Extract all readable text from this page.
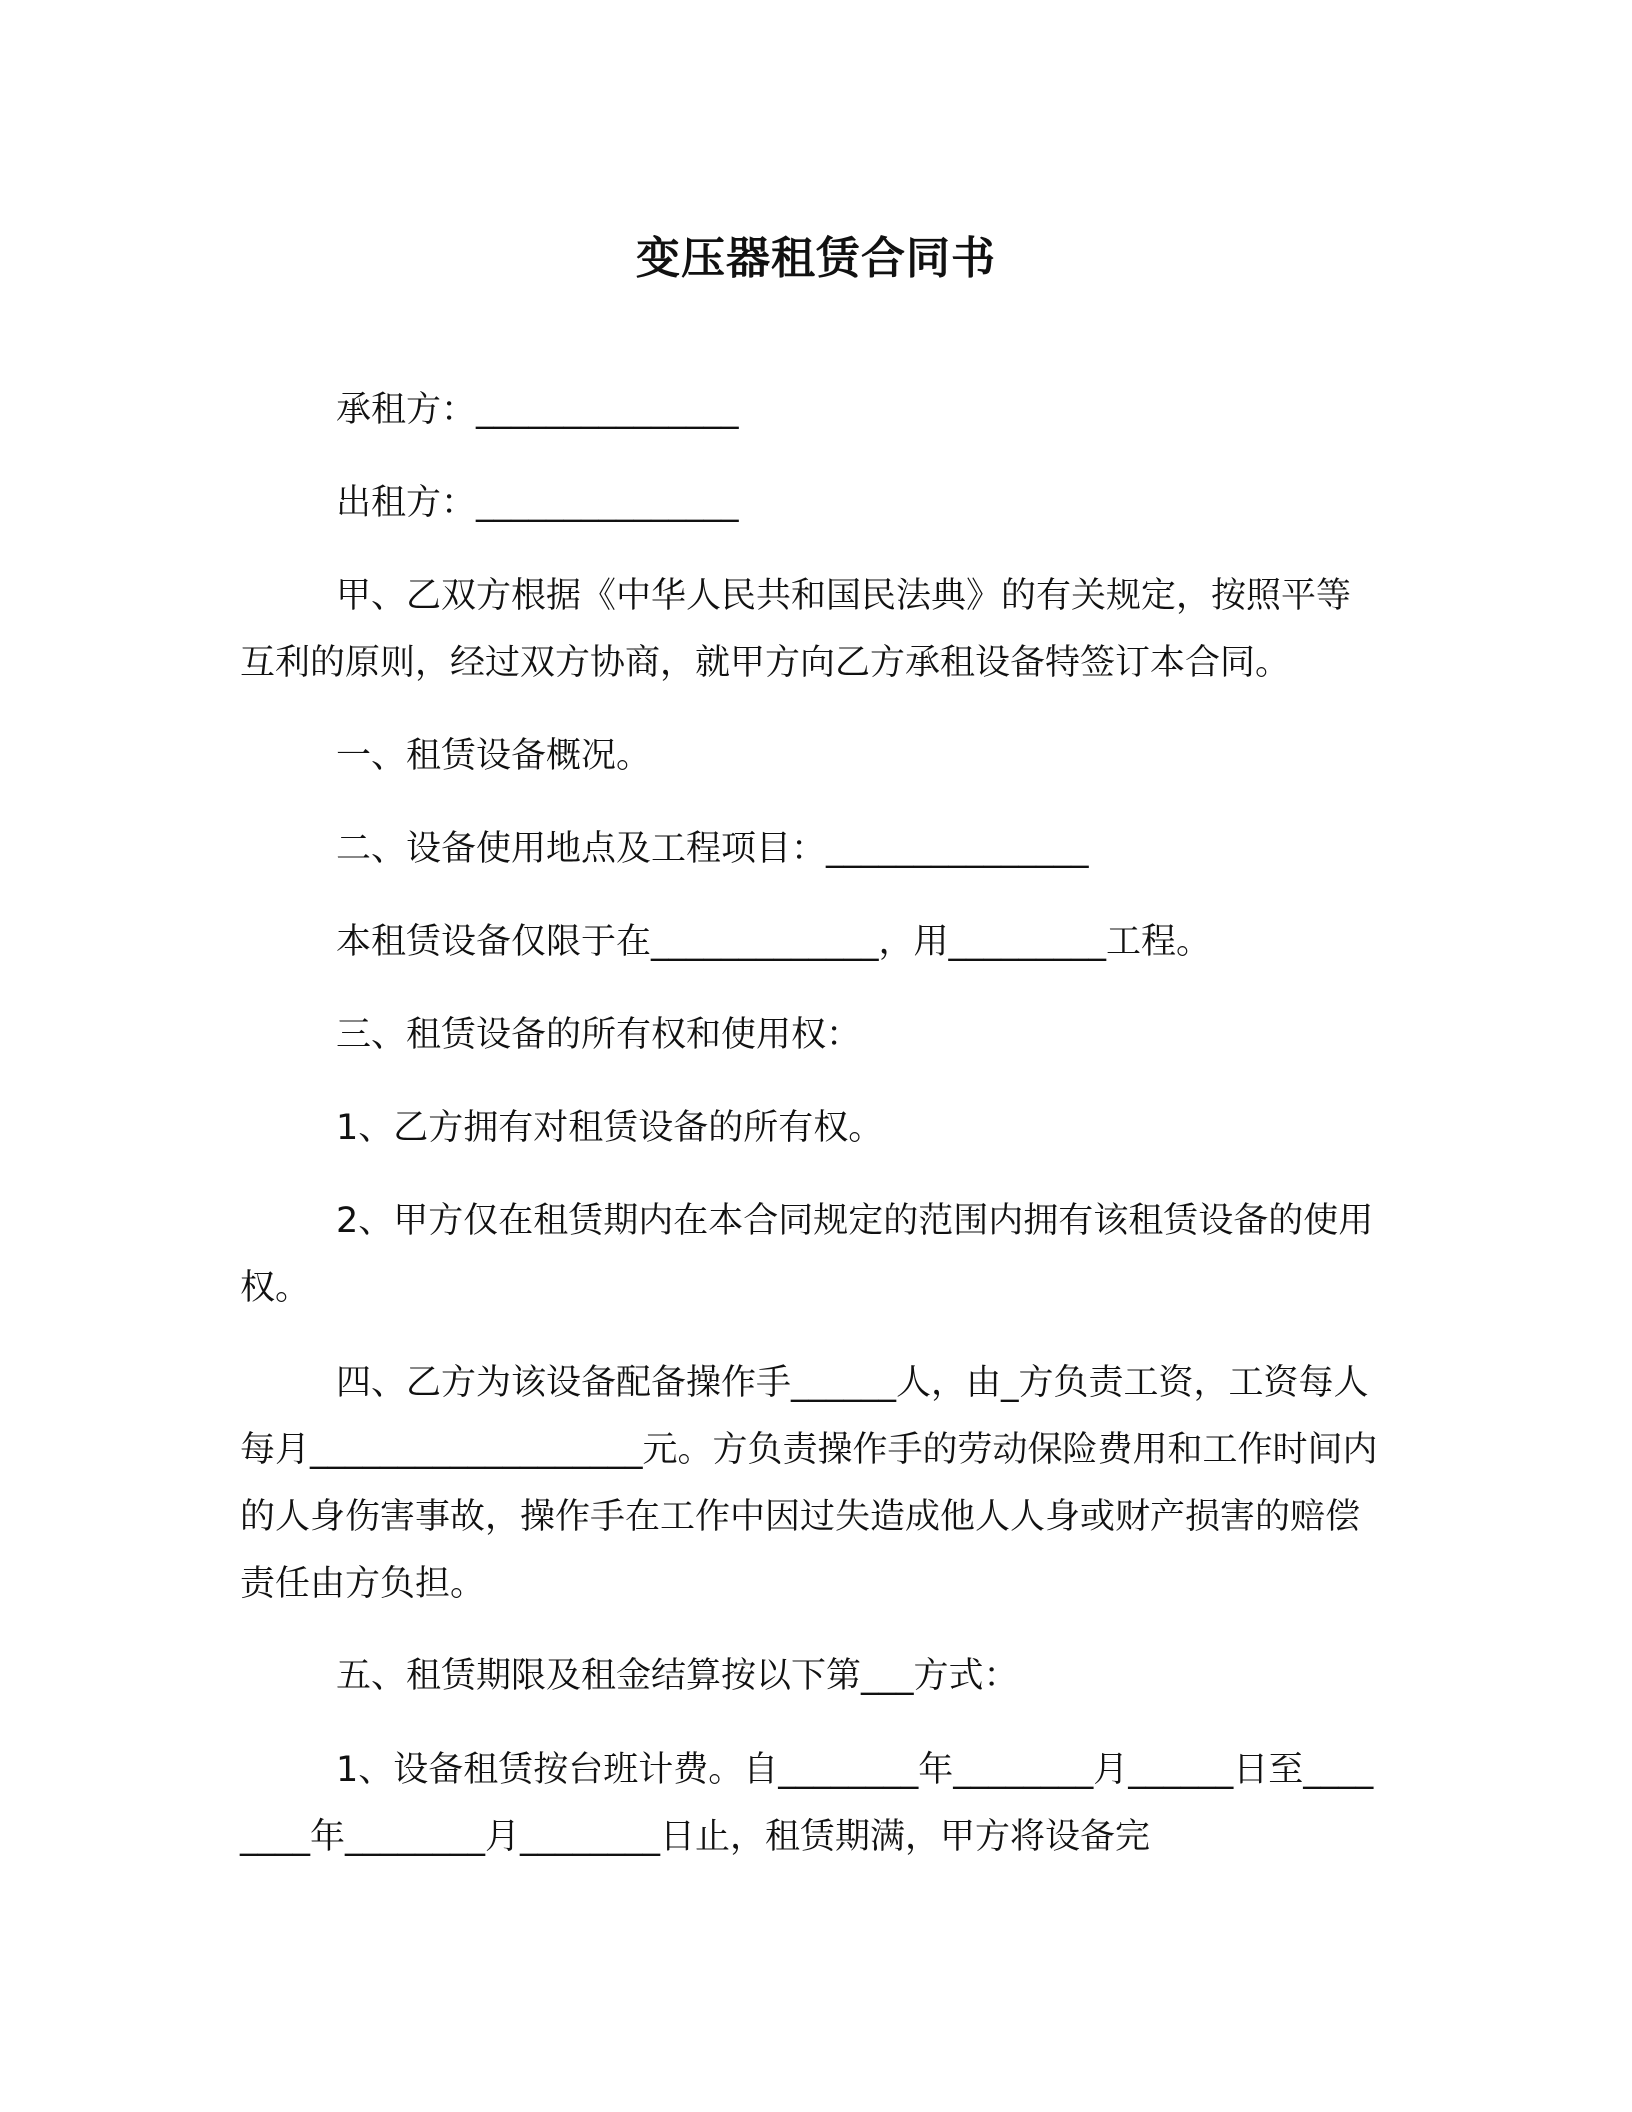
变压器租赁合同书

承租方：_______________

出租方：_______________

甲、乙双方根据《中华人民共和国民法典》的有关规定，按照平等互利的原则，经过双方协商，就甲方向乙方承租设备特签订本合同。

一、租赁设备概况。

二、设备使用地点及工程项目：_______________

本租赁设备仅限于在_____________，用_________工程。

三、租赁设备的所有权和使用权：

1、乙方拥有对租赁设备的所有权。

2、甲方仅在租赁期内在本合同规定的范围内拥有该租赁设备的使用权。

四、乙方为该设备配备操作手______人，由_方负责工资，工资每人每月___________________元。方负责操作手的劳动保险费用和工作时间内的人身伤害事故，操作手在工作中因过失造成他人人身或财产损害的赔偿责任由方负担。

五、租赁期限及租金结算按以下第___方式：

1、设备租赁按台班计费。自________年________月______日至________年________月________日止，租赁期满，甲方将设备完
